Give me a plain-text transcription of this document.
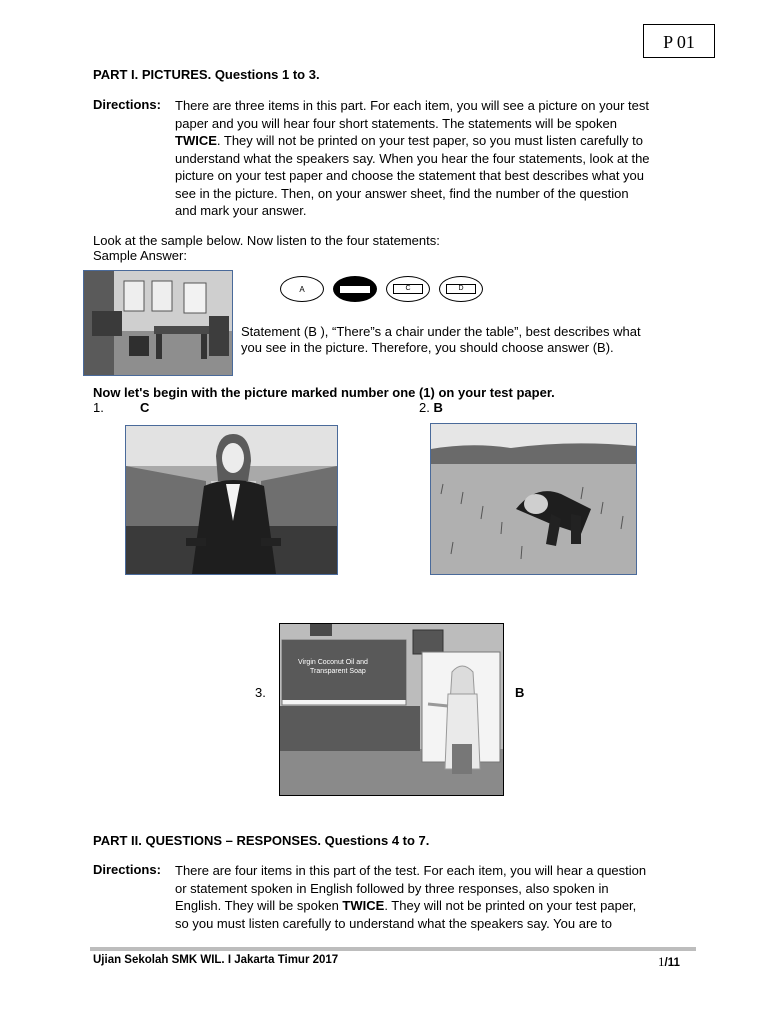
P 01
PART I. PICTURES. Questions 1 to 3.
Directions: There are three items in this part. For each item, you will see a picture on your test
paper and you will hear four short statements. The statements will be spoken
TWICE. They will not be printed on your test paper, so you must listen carefully to
understand what the speakers say. When you hear the four statements, look at the
picture on your test paper and choose the statement that best describes what you
see in the picture. Then, on your answer sheet, find the number of the question
and mark your answer.
Look at the sample below. Now listen to the four statements:
Sample Answer:
A	C	D
Statement (B ), “There”s a chair under the table”, best describes what
you see in the picture. Therefore, you should choose answer (B).
Now let's begin with the picture marked number one (1) on your test paper.
1.	C	2. B
3.
Virgin Coconut Oil and
Transparent Soap
B
PART II. QUESTIONS – RESPONSES. Questions 4 to 7.
Directions: There are four items in this part of the test. For each item, you will hear a question
or statement spoken in English followed by three responses, also spoken in
English. They will be spoken TWICE. They will not be printed on your test paper,
so you must listen carefully to understand what the speakers say. You are to
Ujian Sekolah SMK WIL. I Jakarta Timur 2017	1/11
